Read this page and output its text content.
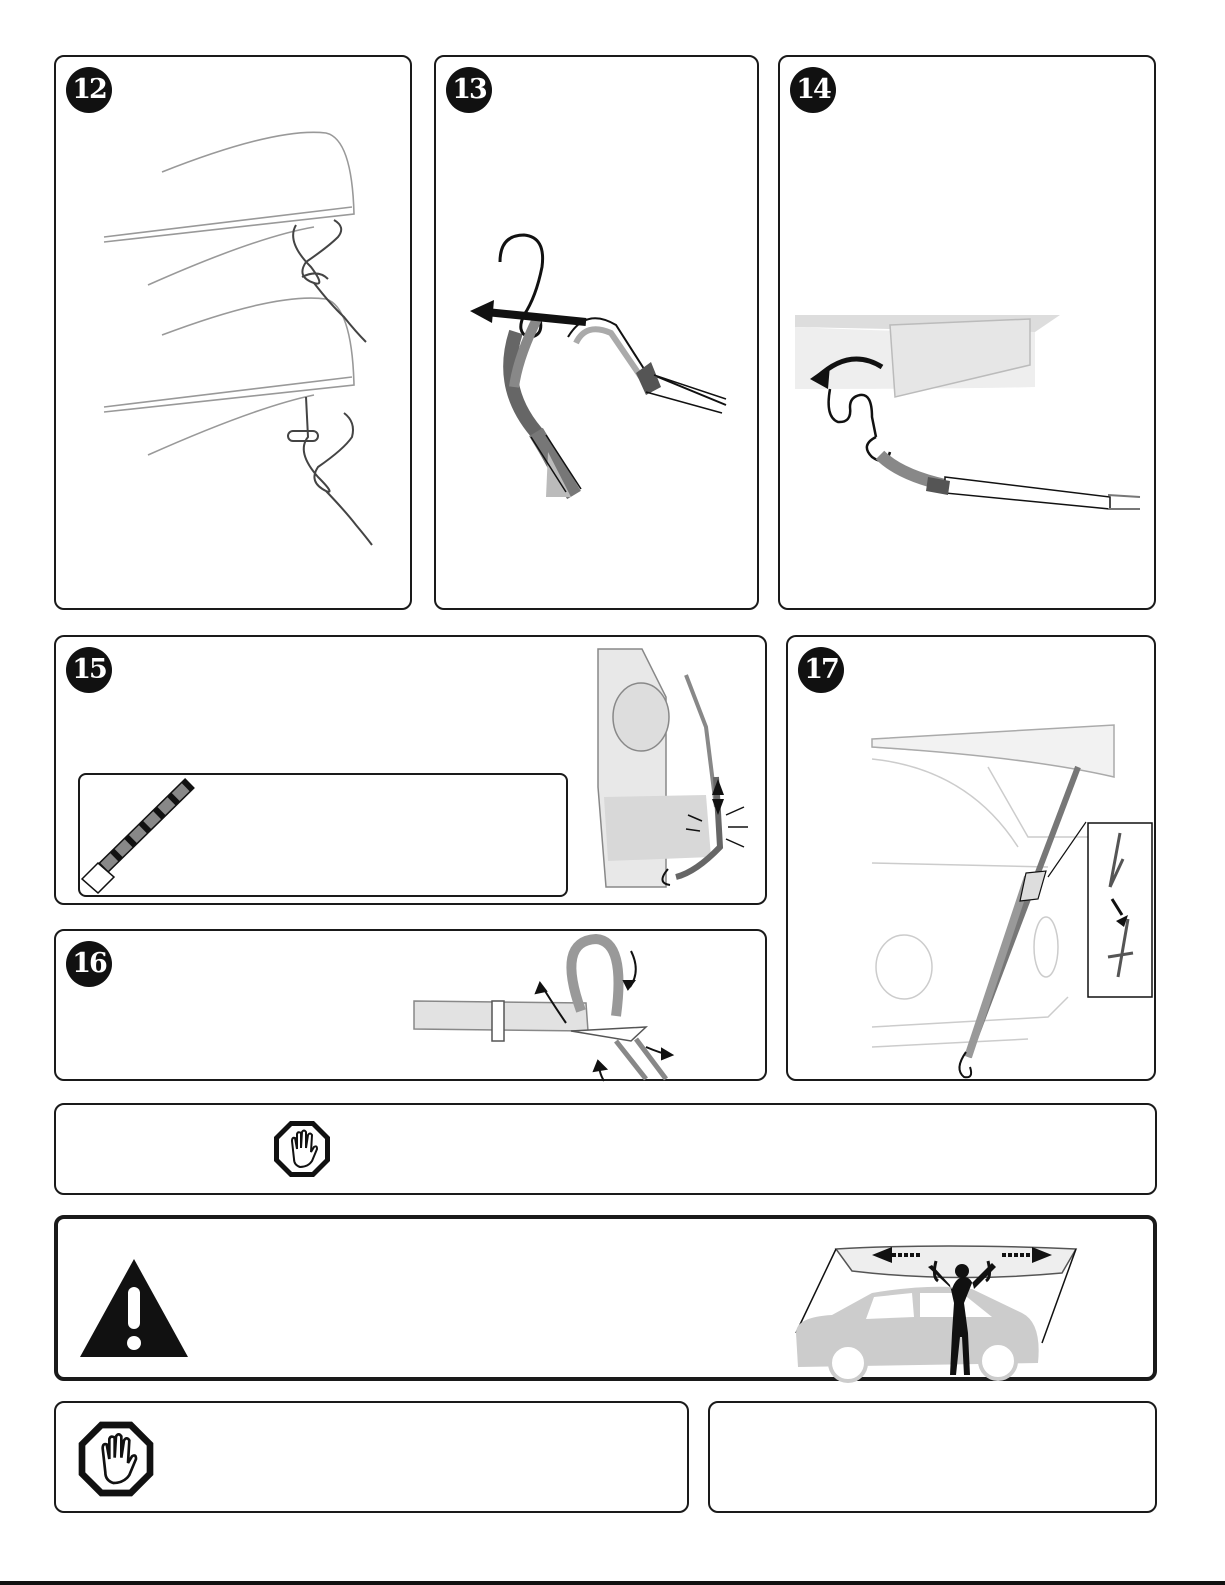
12	13	14
15
16
17
